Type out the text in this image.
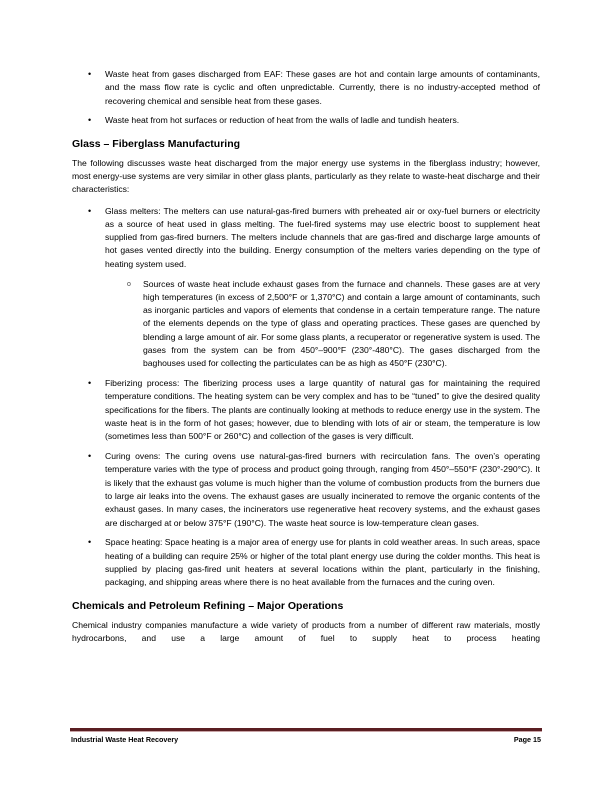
• Waste heat from gases discharged from EAF: These gases are hot and contain large amounts of contaminants, and the mass flow rate is cyclic and often unpredictable. Currently, there is no industry-accepted method of recovering chemical and sensible heat from these gases.
• Waste heat from hot surfaces or reduction of heat from the walls of ladle and tundish heaters.
Glass – Fiberglass Manufacturing
The following discusses waste heat discharged from the major energy use systems in the fiberglass industry; however, most energy-use systems are very similar in other glass plants, particularly as they relate to waste-heat discharge and their characteristics:
• Glass melters: The melters can use natural-gas-fired burners with preheated air or oxy-fuel burners or electricity as a source of heat used in glass melting. The fuel-fired systems may use electric boost to supplement heat supplied from gas-fired burners. The melters include channels that are gas-fired and discharge large amounts of hot gases vented directly into the building. Energy consumption of the melters varies depending on the type of heating system used.
o Sources of waste heat include exhaust gases from the furnace and channels. These gases are at very high temperatures (in excess of 2,500°F or 1,370°C) and contain a large amount of contaminants, such as inorganic particles and vapors of elements that condense in a certain temperature range. The nature of the elements depends on the type of glass and operating practices. These gases are quenched by blending a large amount of air. For some glass plants, a recuperator or regenerative system is used. The gases from the system can be from 450°–900°F (230°-480°C). The gases discharged from the baghouses used for collecting the particulates can be as high as 450°F (230°C).
• Fiberizing process: The fiberizing process uses a large quantity of natural gas for maintaining the required temperature conditions. The heating system can be very complex and has to be “tuned” to give the desired quality specifications for the fibers. The plants are continually looking at methods to reduce energy use in the system. The waste heat is in the form of hot gases; however, due to blending with lots of air or steam, the temperature is low (sometimes less than 500°F or 260°C) and collection of the gases is very difficult.
• Curing ovens: The curing ovens use natural-gas-fired burners with recirculation fans. The oven’s operating temperature varies with the type of process and product going through, ranging from 450°–550°F (230°-290°C). It is likely that the exhaust gas volume is much higher than the volume of combustion products from the burners due to large air leaks into the ovens. The exhaust gases are usually incinerated to remove the organic contents of the exhaust gases. In many cases, the incinerators use regenerative heat recovery systems, and the exhaust gases are discharged at or below 375°F (190°C). The waste heat source is low-temperature clean gases.
• Space heating: Space heating is a major area of energy use for plants in cold weather areas. In such areas, space heating of a building can require 25% or higher of the total plant energy use during the colder months. This heat is supplied by placing gas-fired unit heaters at several locations within the plant, particularly in the finishing, packaging, and shipping areas where there is no heat available from the furnaces and the curing oven.
Chemicals and Petroleum Refining – Major Operations
Chemical industry companies manufacture a wide variety of products from a number of different raw materials, mostly hydrocarbons, and use a large amount of fuel to supply heat to process heating
Industrial Waste Heat Recovery	Page 15
